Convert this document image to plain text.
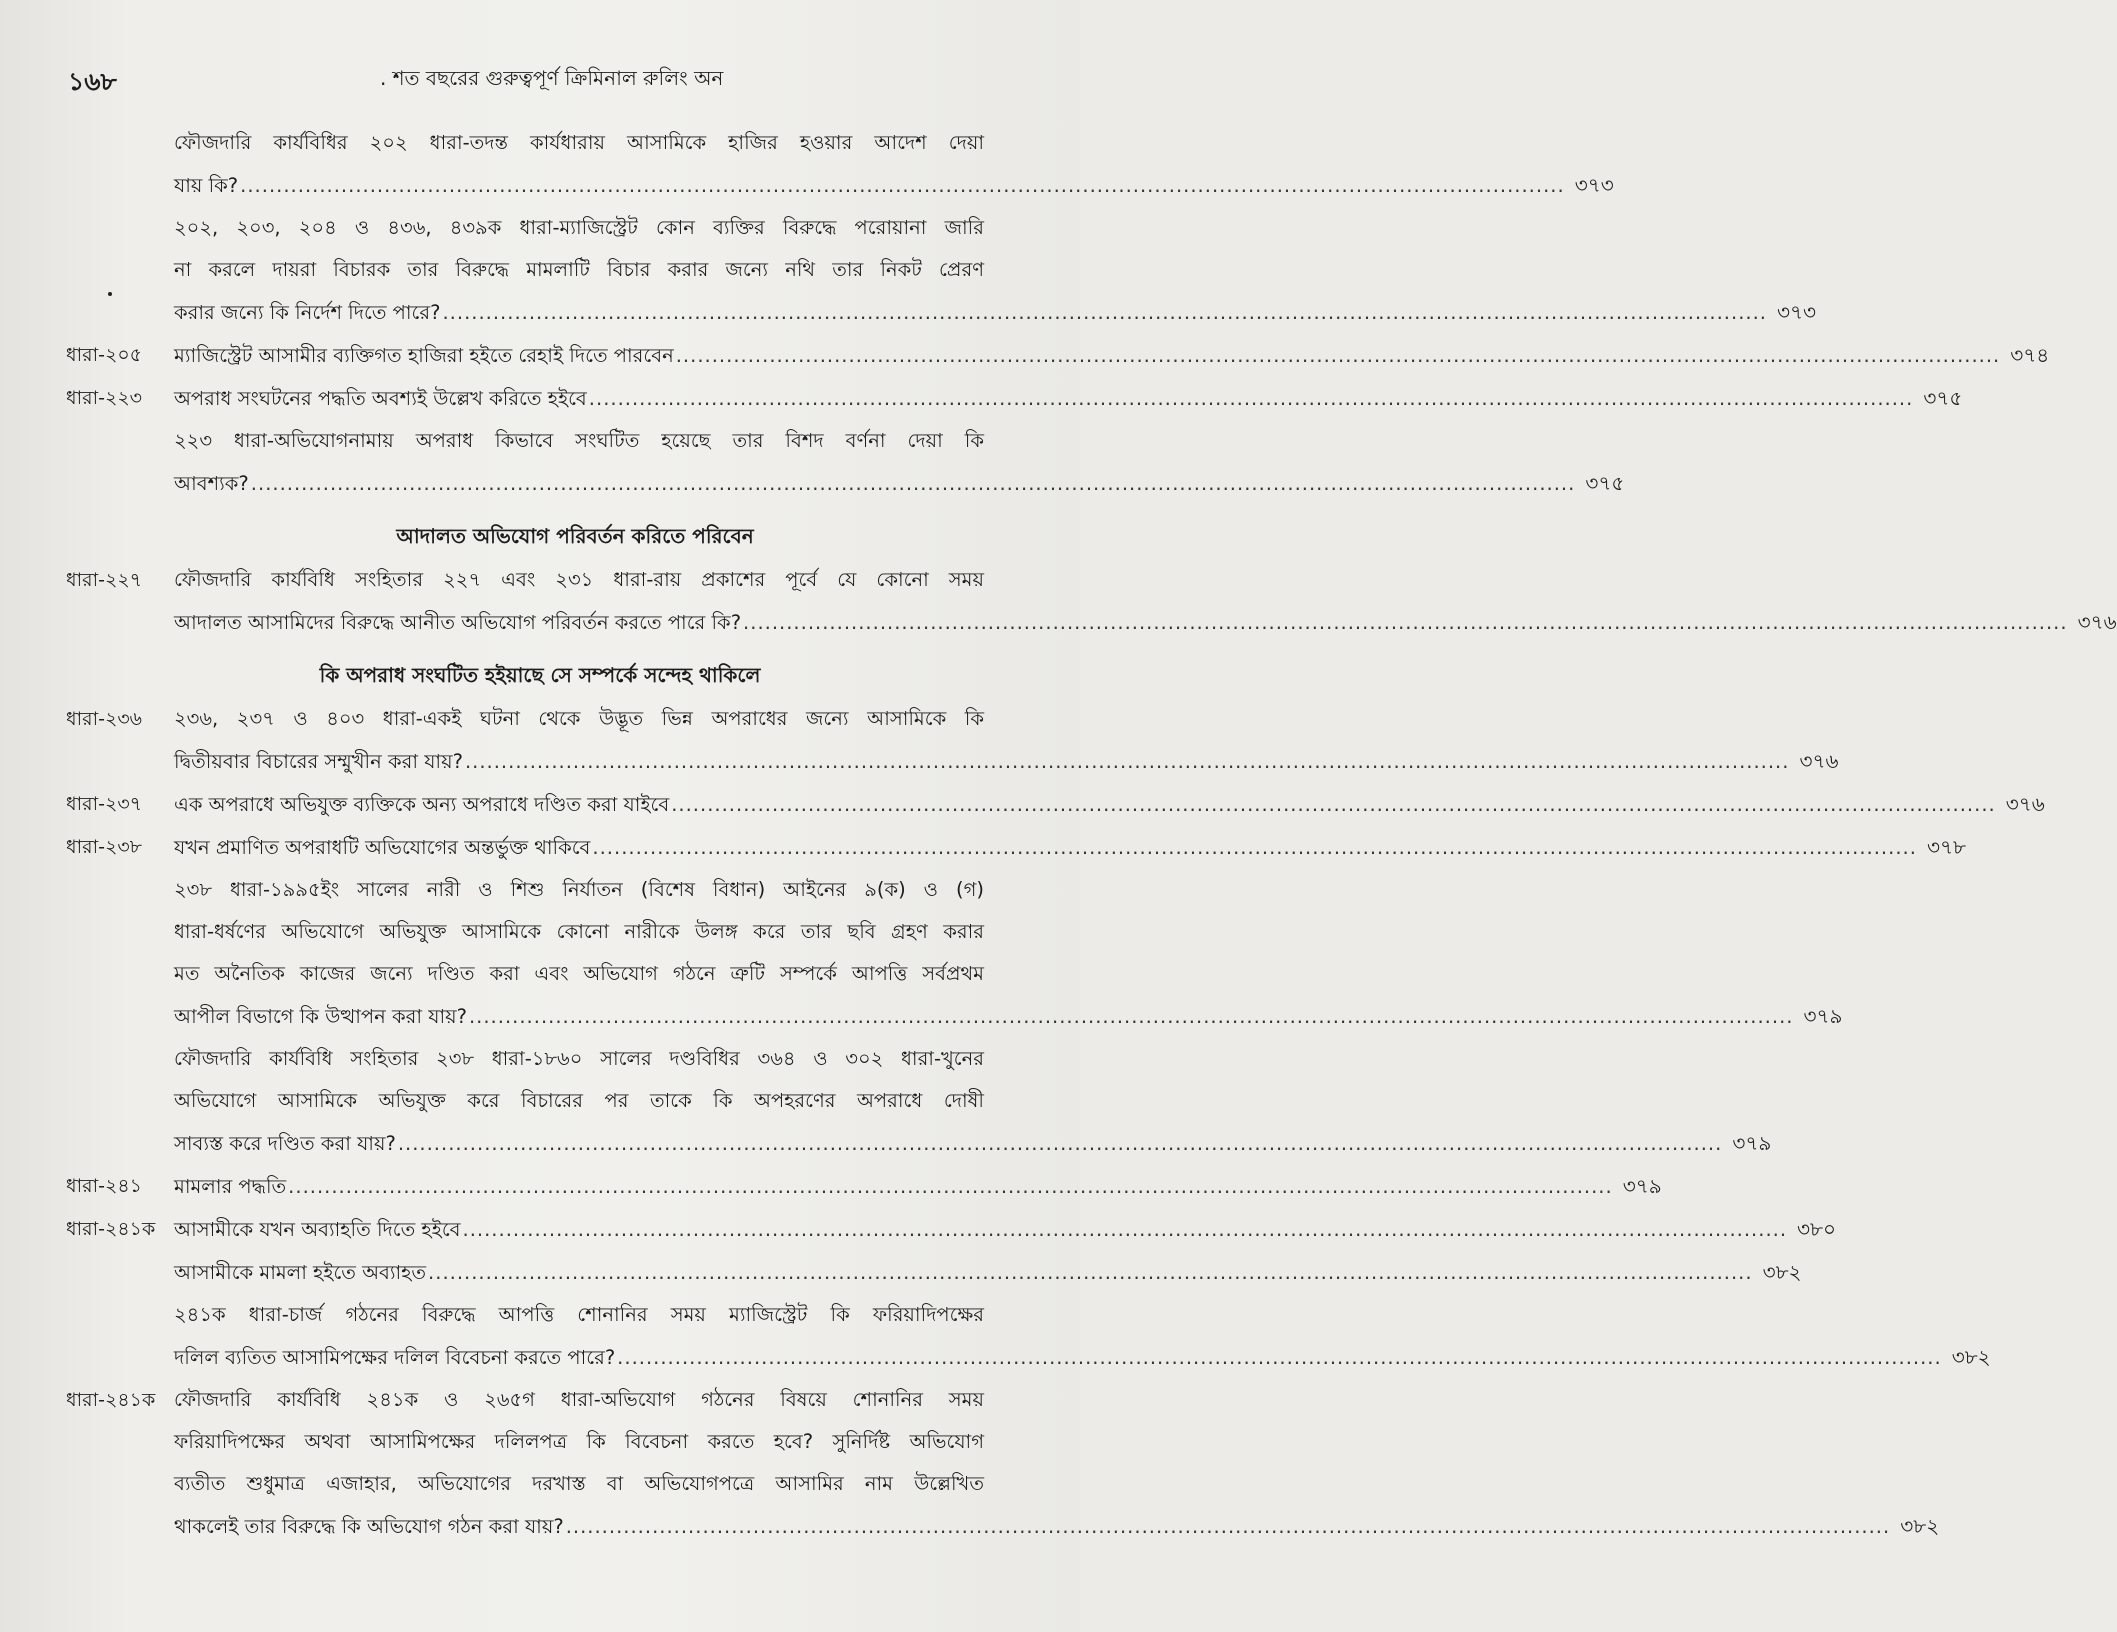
১৬৮	. শত বছরের গুরুত্বপূর্ণ ক্রিমিনাল রুলিং অন
ফৌজদারি কার্যবিধির ২০২ ধারা-তদন্ত কার্যধারায় আসামিকে হাজির হওয়ার আদেশ দেয়া
যায় কি? ........................................................................................................................................................................................ ৩৭৩
২০২, ২০৩, ২০৪ ও ৪৩৬, ৪৩৯ক ধারা-ম্যাজিস্ট্রেট কোন ব্যক্তির বিরুদ্ধে পরোয়ানা জারি
না করলে দায়রা বিচারক তার বিরুদ্ধে মামলাটি বিচার করার জন্যে নথি তার নিকট প্রেরণ
করার জন্যে কি নির্দেশ দিতে পারে? ........................................................................................................................................................................................ ৩৭৩
ধারা-২০৫ ম্যাজিস্ট্রেট আসামীর ব্যক্তিগত হাজিরা হইতে রেহাই দিতে পারবেন ........................................................................................................................................................................................ ৩৭৪
ধারা-২২৩ অপরাধ সংঘটনের পদ্ধতি অবশ্যই উল্লেখ করিতে হইবে ........................................................................................................................................................................................ ৩৭৫
২২৩ ধারা-অভিযোগনামায় অপরাধ কিভাবে সংঘটিত হয়েছে তার বিশদ বর্ণনা দেয়া কি
আবশ্যক? ........................................................................................................................................................................................ ৩৭৫
আদালত অভিযোগ পরিবর্তন করিতে পরিবেন
ধারা-২২৭ ফৌজদারি কার্যবিধি সংহিতার ২২৭ এবং ২৩১ ধারা-রায় প্রকাশের পূর্বে যে কোনো সময়
আদালত আসামিদের বিরুদ্ধে আনীত অভিযোগ পরিবর্তন করতে পারে কি? ........................................................................................................................................................................................ ৩৭৬
কি অপরাধ সংঘটিত হইয়াছে সে সম্পর্কে সন্দেহ থাকিলে
ধারা-২৩৬ ২৩৬, ২৩৭ ও ৪০৩ ধারা-একই ঘটনা থেকে উদ্ভূত ভিন্ন অপরাধের জন্যে আসামিকে কি
দ্বিতীয়বার বিচারের সম্মুখীন করা যায়? ........................................................................................................................................................................................ ৩৭৬
ধারা-২৩৭ এক অপরাধে অভিযুক্ত ব্যক্তিকে অন্য অপরাধে দণ্ডিত করা যাইবে ........................................................................................................................................................................................ ৩৭৬
ধারা-২৩৮ যখন প্রমাণিত অপরাধটি অভিযোগের অন্তর্ভুক্ত থাকিবে ........................................................................................................................................................................................ ৩৭৮
২৩৮ ধারা-১৯৯৫ইং সালের নারী ও শিশু নির্যাতন (বিশেষ বিধান) আইনের ৯(ক) ও (গ)
ধারা-ধর্ষণের অভিযোগে অভিযুক্ত আসামিকে কোনো নারীকে উলঙ্গ করে তার ছবি গ্রহণ করার
মত অনৈতিক কাজের জন্যে দণ্ডিত করা এবং অভিযোগ গঠনে ত্রুটি সম্পর্কে আপত্তি সর্বপ্রথম
আপীল বিভাগে কি উত্থাপন করা যায়? ........................................................................................................................................................................................ ৩৭৯
ফৌজদারি কার্যবিধি সংহিতার ২৩৮ ধারা-১৮৬০ সালের দণ্ডবিধির ৩৬৪ ও ৩০২ ধারা-খুনের
অভিযোগে আসামিকে অভিযুক্ত করে বিচারের পর তাকে কি অপহরণের অপরাধে দোষী
সাব্যস্ত করে দণ্ডিত করা যায়? ........................................................................................................................................................................................ ৩৭৯
ধারা-২৪১ মামলার পদ্ধতি ........................................................................................................................................................................................ ৩৭৯
ধারা-২৪১ক আসামীকে যখন অব্যাহতি দিতে হইবে ........................................................................................................................................................................................ ৩৮০
আসামীকে মামলা হইতে অব্যাহত ........................................................................................................................................................................................ ৩৮২
২৪১ক ধারা-চার্জ গঠনের বিরুদ্ধে আপত্তি শোনানির সময় ম্যাজিস্ট্রেট কি ফরিয়াদিপক্ষের
দলিল ব্যতিত আসামিপক্ষের দলিল বিবেচনা করতে পারে? ........................................................................................................................................................................................ ৩৮২
ধারা-২৪১ক ফৌজদারি কার্যবিধি ২৪১ক ও ২৬৫গ ধারা-অভিযোগ গঠনের বিষয়ে শোনানির সময়
ফরিয়াদিপক্ষের অথবা আসামিপক্ষের দলিলপত্র কি বিবেচনা করতে হবে? সুনির্দিষ্ট অভিযোগ
ব্যতীত শুধুমাত্র এজাহার, অভিযোগের দরখাস্ত বা অভিযোগপত্রে আসামির নাম উল্লেখিত
থাকলেই তার বিরুদ্ধে কি অভিযোগ গঠন করা যায়? ........................................................................................................................................................................................ ৩৮২
